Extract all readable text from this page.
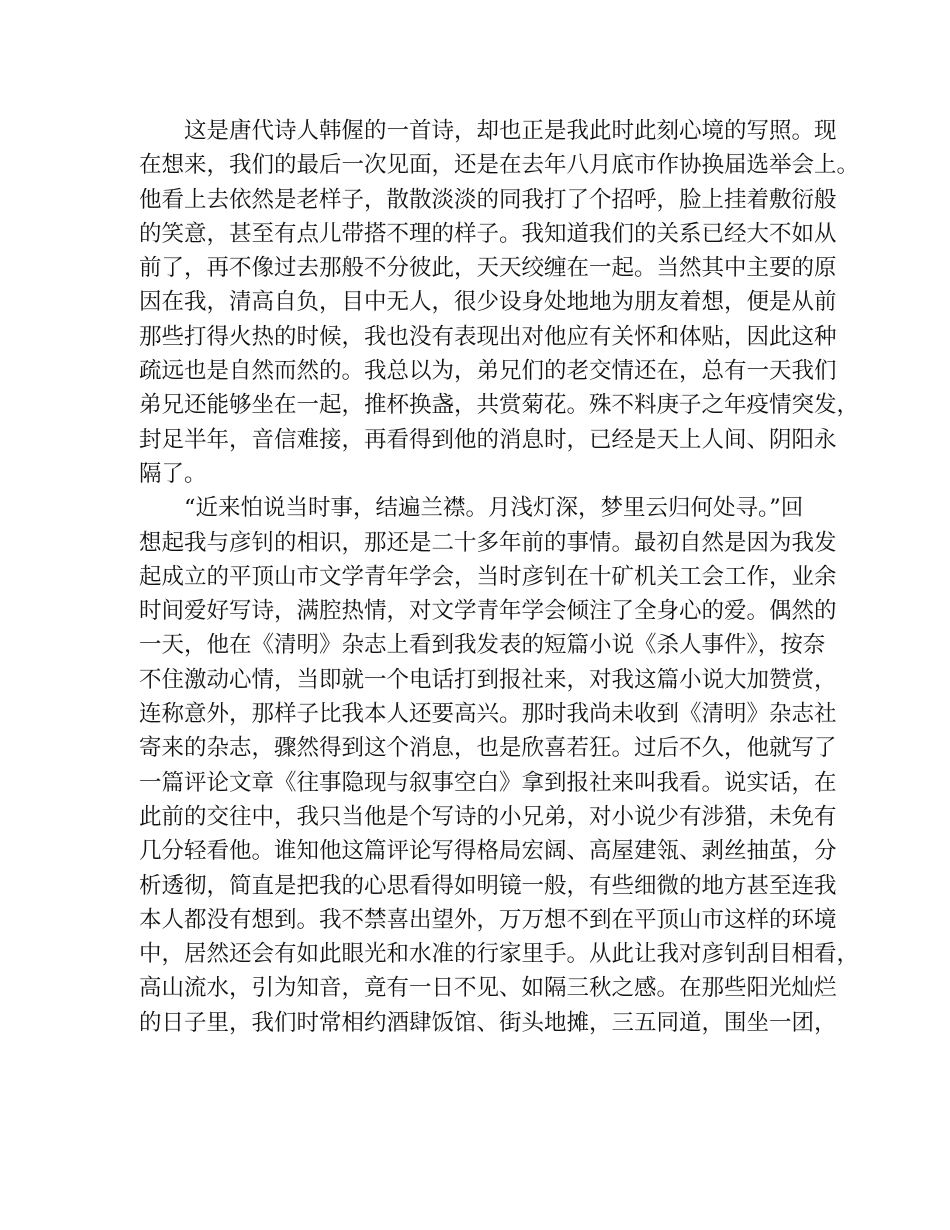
这是唐代诗人韩偓的一首诗，却也正是我此时此刻心境的写照。现
在想来，我们的最后一次见面，还是在去年八月底市作协换届选举会上。
他看上去依然是老样子，散散淡淡的同我打了个招呼，脸上挂着敷衍般
的笑意，甚至有点儿带搭不理的样子。我知道我们的关系已经大不如从
前了，再不像过去那般不分彼此，天天绞缠在一起。当然其中主要的原
因在我，清高自负，目中无人，很少设身处地地为朋友着想，便是从前
那些打得火热的时候，我也没有表现出对他应有关怀和体贴，因此这种
疏远也是自然而然的。我总以为，弟兄们的老交情还在，总有一天我们
弟兄还能够坐在一起，推杯换盏，共赏菊花。殊不料庚子之年疫情突发，
封足半年，音信难接，再看得到他的消息时，已经是天上人间、阴阳永
隔了。
“近来怕说当时事，结遍兰襟。月浅灯深，梦里云归何处寻。”回
想起我与彦钊的相识，那还是二十多年前的事情。最初自然是因为我发
起成立的平顶山市文学青年学会，当时彦钊在十矿机关工会工作，业余
时间爱好写诗，满腔热情，对文学青年学会倾注了全身心的爱。偶然的
一天，他在《清明》杂志上看到我发表的短篇小说《杀人事件》，按奈
不住激动心情，当即就一个电话打到报社来，对我这篇小说大加赞赏，
连称意外，那样子比我本人还要高兴。那时我尚未收到《清明》杂志社
寄来的杂志，骤然得到这个消息，也是欣喜若狂。过后不久，他就写了
一篇评论文章《往事隐现与叙事空白》拿到报社来叫我看。说实话，在
此前的交往中，我只当他是个写诗的小兄弟，对小说少有涉猎，未免有
几分轻看他。谁知他这篇评论写得格局宏阔、高屋建瓴、剥丝抽茧，分
析透彻，简直是把我的心思看得如明镜一般，有些细微的地方甚至连我
本人都没有想到。我不禁喜出望外，万万想不到在平顶山市这样的环境
中，居然还会有如此眼光和水准的行家里手。从此让我对彦钊刮目相看，
高山流水，引为知音，竟有一日不见、如隔三秋之感。在那些阳光灿烂
的日子里，我们时常相约酒肆饭馆、街头地摊，三五同道，围坐一团，
